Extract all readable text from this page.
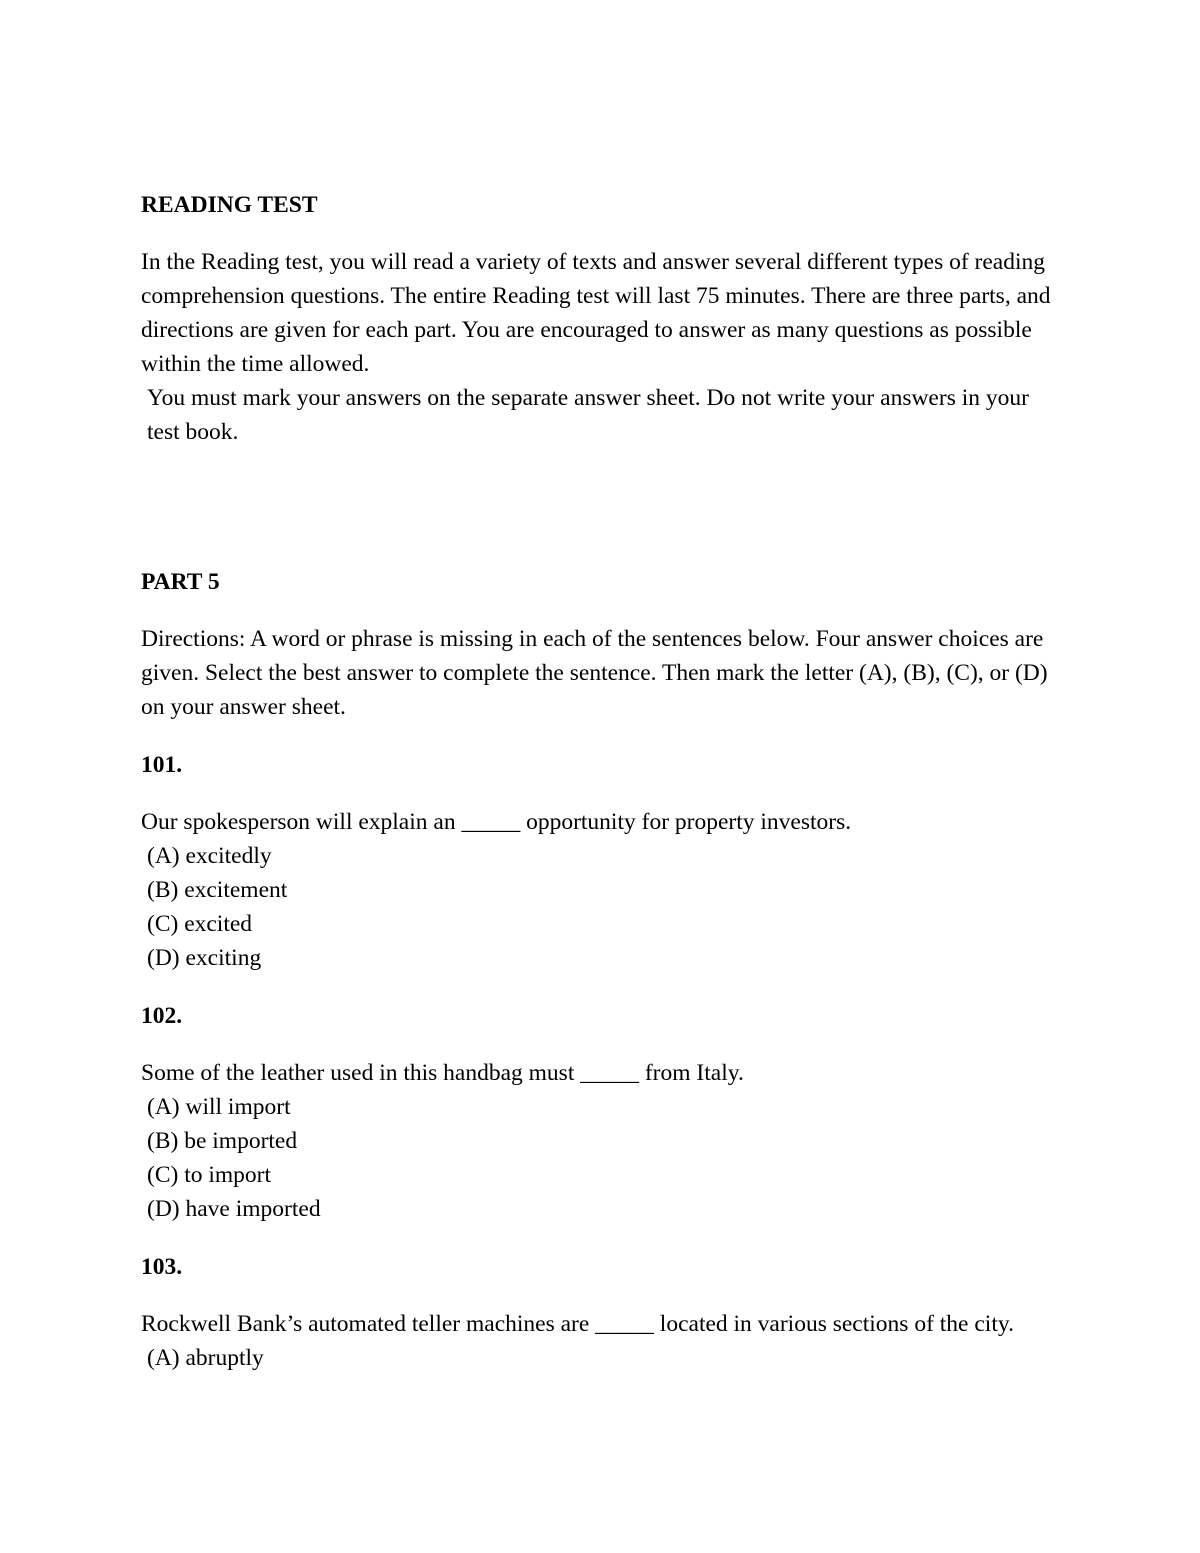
READING TEST

In the Reading test, you will read a variety of texts and answer several different types of reading comprehension questions. The entire Reading test will last 75 minutes. There are three parts, and directions are given for each part. You are encouraged to answer as many questions as possible within the time allowed.

You must mark your answers on the separate answer sheet. Do not write your answers in your test book.

PART 5

Directions: A word or phrase is missing in each of the sentences below. Four answer choices are given. Select the best answer to complete the sentence. Then mark the letter (A), (B), (C), or (D) on your answer sheet.

101.

Our spokesperson will explain an _____ opportunity for property investors.

(A) excitedly

(B) excitement

(C) excited

(D) exciting

102.

Some of the leather used in this handbag must _____ from Italy.

(A) will import

(B) be imported

(C) to import

(D) have imported

103.

Rockwell Bank’s automated teller machines are _____ located in various sections of the city.

(A) abruptly
